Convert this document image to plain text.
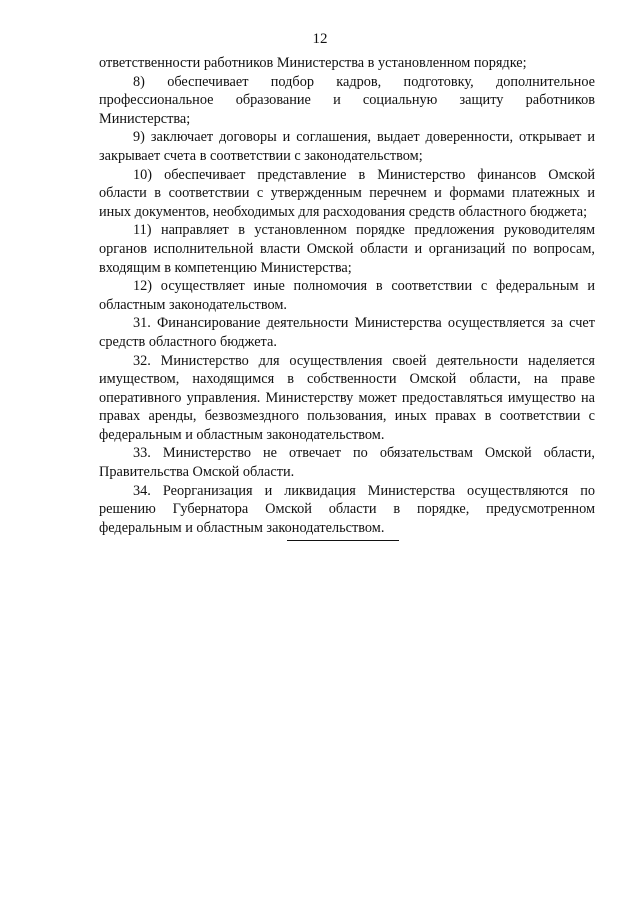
12

ответственности работников Министерства в установленном порядке;

8) обеспечивает подбор кадров, подготовку, дополнительное профессиональное образование и социальную защиту работников Министерства;

9) заключает договоры и соглашения, выдает доверенности, открывает и закрывает счета в соответствии с законодательством;

10) обеспечивает представление в Министерство финансов Омской области в соответствии с утвержденным перечнем и формами платежных и иных документов, необходимых для расходования средств областного бюджета;

11) направляет в установленном порядке предложения руководителям органов исполнительной власти Омской области и организаций по вопросам, входящим в компетенцию Министерства;

12) осуществляет иные полномочия в соответствии с федеральным и областным законодательством.

31. Финансирование деятельности Министерства осуществляется за счет средств областного бюджета.

32. Министерство для осуществления своей деятельности наделяется имуществом, находящимся в собственности Омской области, на праве оперативного управления. Министерству может предоставляться имущество на правах аренды, безвозмездного пользования, иных правах в соответствии с федеральным и областным законодательством.

33. Министерство не отвечает по обязательствам Омской области, Правительства Омской области.

34. Реорганизация и ликвидация Министерства осуществляются по решению Губернатора Омской области в порядке, предусмотренном федеральным и областным законодательством.
